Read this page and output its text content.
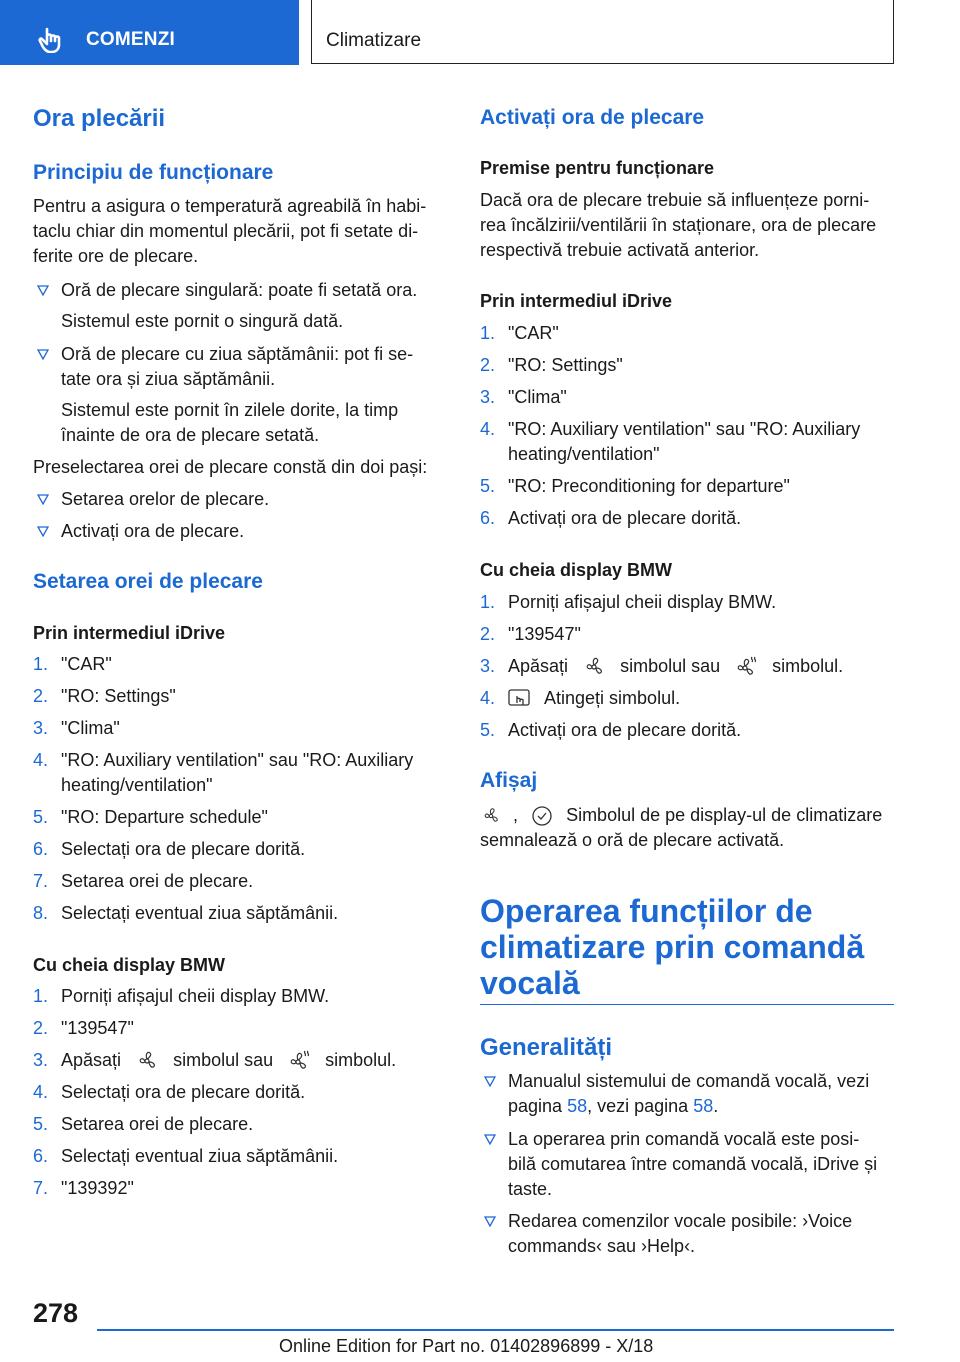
COMENZI	Climatizare
Ora plecării
Principiu de funcționare
Pentru a asigura o temperatură agreabilă în habi-
taclu chiar din momentul plecării, pot fi setate di-
ferite ore de plecare.
Oră de plecare singulară: poate fi setată ora.
Sistemul este pornit o singură dată.
Oră de plecare cu ziua săptămânii: pot fi se-
tate ora și ziua săptămânii.
Sistemul este pornit în zilele dorite, la timp
înainte de ora de plecare setată.
Preselectarea orei de plecare constă din doi pași:
Setarea orelor de plecare.
Activați ora de plecare.
Setarea orei de plecare
Prin intermediul iDrive
1. "CAR"
2. "RO: Settings"
3. "Clima"
4. "RO: Auxiliary ventilation" sau "RO: Auxiliary
heating/ventilation"
5. "RO: Departure schedule"
6. Selectați ora de plecare dorită.
7. Setarea orei de plecare.
8. Selectați eventual ziua săptămânii.
Cu cheia display BMW
1. Porniți afișajul cheii display BMW.
2. "139547"
3. Apăsați	simbolul sau	simbolul.
4. Selectați ora de plecare dorită.
5. Setarea orei de plecare.
6. Selectați eventual ziua săptămânii.
7. "139392"
Activați ora de plecare
Premise pentru funcționare
Dacă ora de plecare trebuie să influențeze porni-
rea încălzirii/ventilării în staționare, ora de plecare
respectivă trebuie activată anterior.
Prin intermediul iDrive
1. "CAR"
2. "RO: Settings"
3. "Clima"
4. "RO: Auxiliary ventilation" sau "RO: Auxiliary
heating/ventilation"
5. "RO: Preconditioning for departure"
6. Activați ora de plecare dorită.
Cu cheia display BMW
1. Porniți afișajul cheii display BMW.
2. "139547"
3. Apăsați	simbolul sau	simbolul.
4.	Atingeți simbolul.
5. Activați ora de plecare dorită.
Afișaj
,	Simbolul de pe display-ul de climatizare
semnalează o oră de plecare activată.
Operarea funcțiilor de
climatizare prin comandă
vocală
Generalități
Manualul sistemului de comandă vocală, vezi
pagina 58, vezi pagina 58.
La operarea prin comandă vocală este posi-
bilă comutarea între comandă vocală, iDrive și
taste.
Redarea comenzilor vocale posibile: ›Voice
commands‹ sau ›Help‹.
278
Online Edition for Part no. 01402896899 - X/18
